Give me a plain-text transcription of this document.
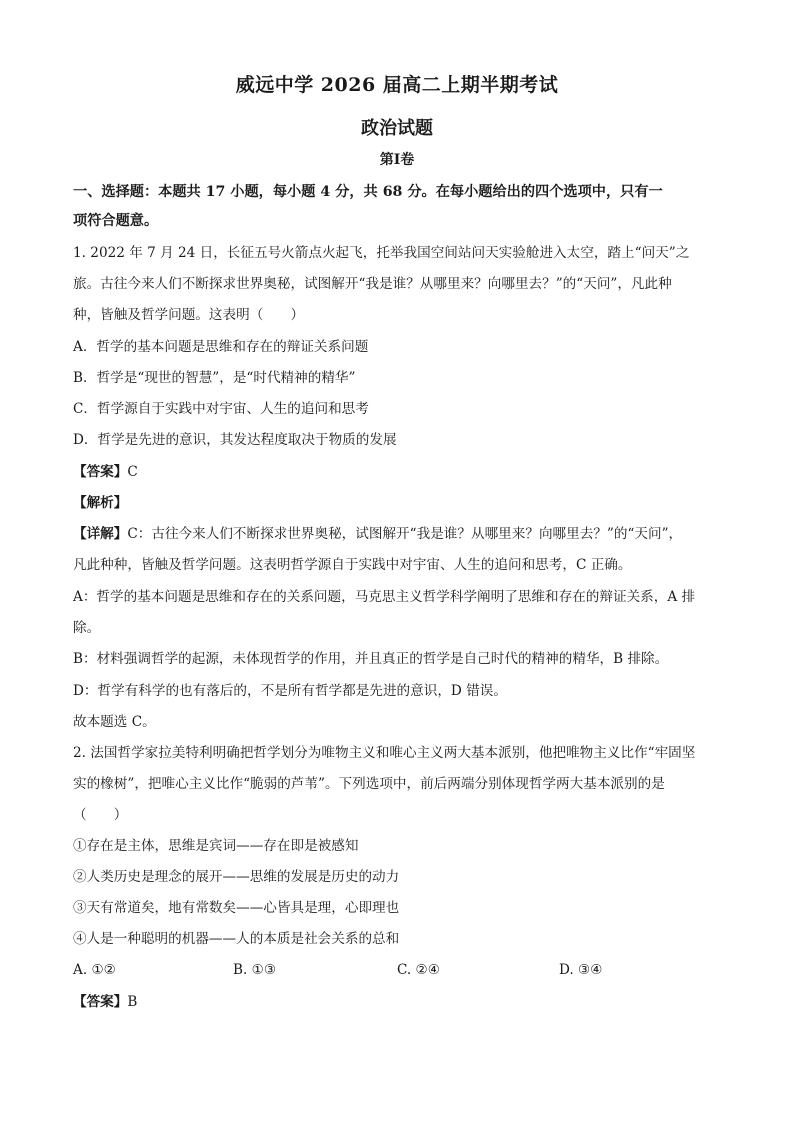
威远中学 2026 届高二上期半期考试
政治试题
第Ⅰ卷
一、选择题：本题共 17 小题，每小题 4 分，共 68 分。在每小题给出的四个选项中，只有一
项符合题意。
1. 2022 年 7 月 24 日，长征五号火箭点火起飞，托举我国空间站问天实验舱进入太空，踏上“问天”之
旅。古往今来人们不断探求世界奥秘，试图解开“我是谁？从哪里来？向哪里去？”的“天问”，凡此种
种，皆触及哲学问题。这表明（　　）
A．哲学的基本问题是思维和存在的辩证关系问题
B．哲学是“现世的智慧”，是“时代精神的精华”
C．哲学源自于实践中对宇宙、人生的追问和思考
D．哲学是先进的意识，其发达程度取决于物质的发展
【答案】C
【解析】
【详解】C：古往今来人们不断探求世界奥秘，试图解开“我是谁？从哪里来？向哪里去？”的“天问”，
凡此种种，皆触及哲学问题。这表明哲学源自于实践中对宇宙、人生的追问和思考，C 正确。
A：哲学的基本问题是思维和存在的关系问题，马克思主义哲学科学阐明了思维和存在的辩证关系，A 排
除。
B：材料强调哲学的起源，未体现哲学的作用，并且真正的哲学是自己时代的精神的精华，B 排除。
D：哲学有科学的也有落后的，不是所有哲学都是先进的意识，D 错误。
故本题选 C。
2. 法国哲学家拉美特利明确把哲学划分为唯物主义和唯心主义两大基本派别，他把唯物主义比作“牢固坚
实的橡树”，把唯心主义比作“脆弱的芦苇”。下列选项中，前后两端分别体现哲学两大基本派别的是
（　　）
①存在是主体，思维是宾词——存在即是被感知
②人类历史是理念的展开——思维的发展是历史的动力
③天有常道矣，地有常数矣——心皆具是理，心即理也
④人是一种聪明的机器——人的本质是社会关系的总和
A. ①②	B. ①③	C. ②④	D. ③④
【答案】B
